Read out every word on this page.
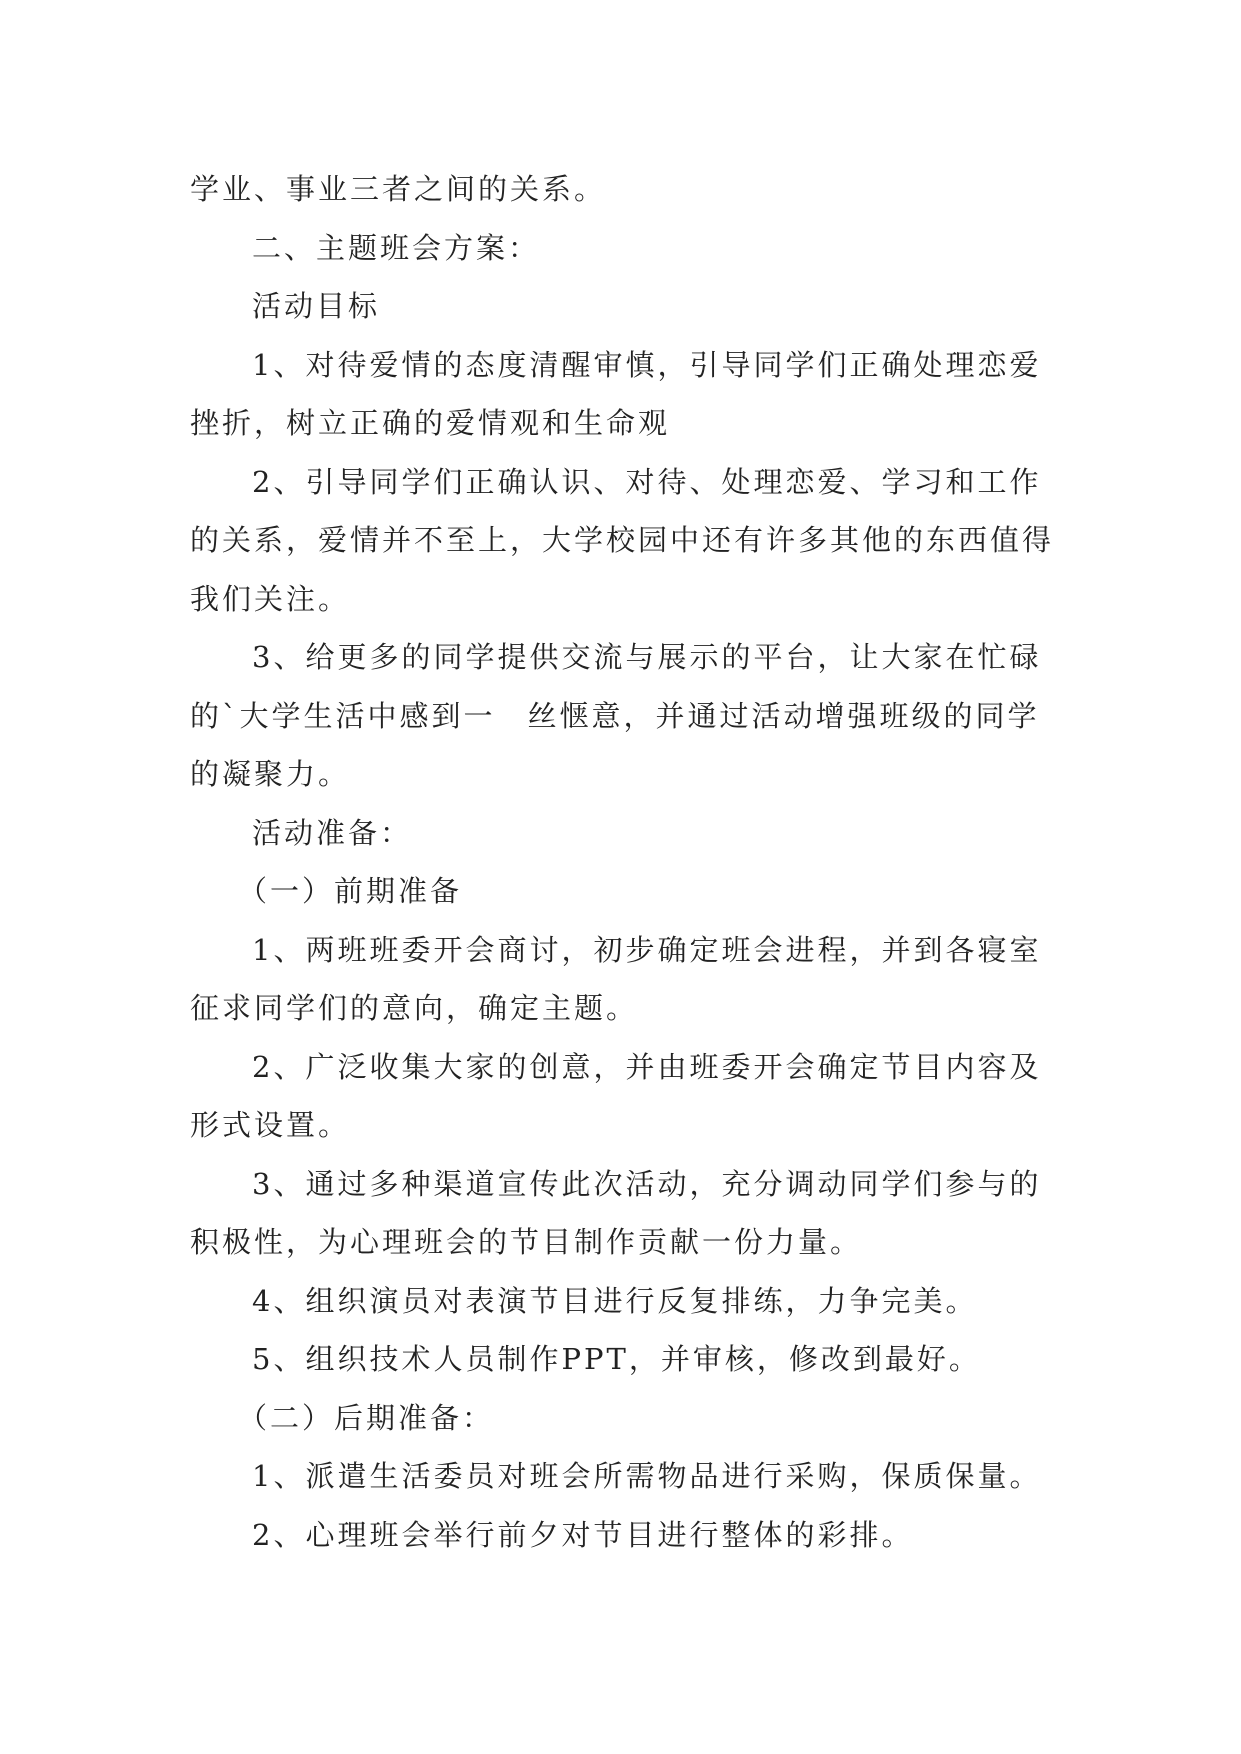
学业、事业三者之间的关系。

二、主题班会方案：

活动目标

1、对待爱情的态度清醒审慎，引导同学们正确处理恋爱挫折，树立正确的爱情观和生命观

2、引导同学们正确认识、对待、处理恋爱、学习和工作的关系，爱情并不至上，大学校园中还有许多其他的东西值得我们关注。

3、给更多的同学提供交流与展示的平台，让大家在忙碌的`大学生活中感到一　丝惬意，并通过活动增强班级的同学的凝聚力。

活动准备：

（一）前期准备

1、两班班委开会商讨，初步确定班会进程，并到各寝室征求同学们的意向，确定主题。

2、广泛收集大家的创意，并由班委开会确定节目内容及形式设置。

3、通过多种渠道宣传此次活动，充分调动同学们参与的积极性，为心理班会的节目制作贡献一份力量。

4、组织演员对表演节目进行反复排练，力争完美。

5、组织技术人员制作PPT，并审核，修改到最好。

（二）后期准备：

1、派遣生活委员对班会所需物品进行采购，保质保量。

2、心理班会举行前夕对节目进行整体的彩排。
